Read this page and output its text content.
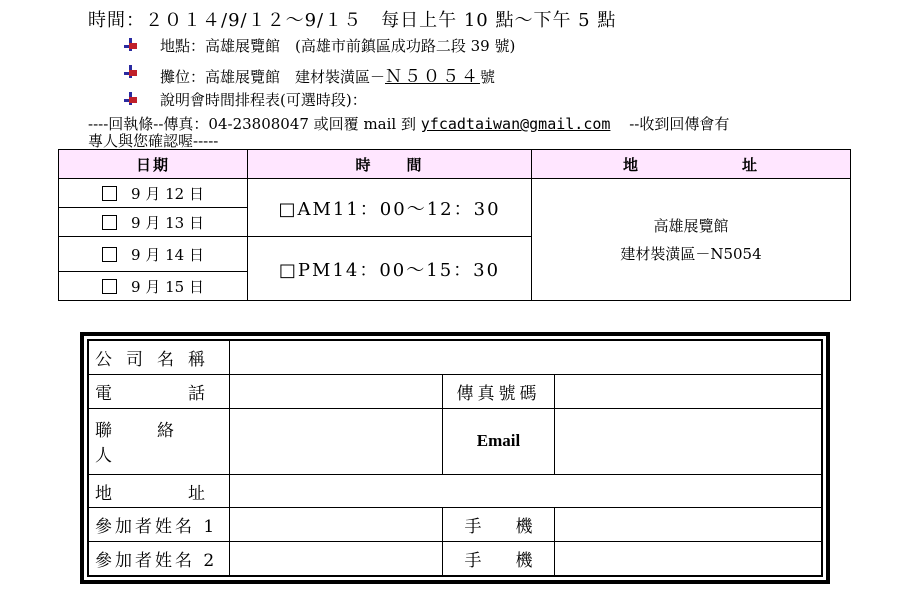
時間：２０１４/9/１２～9/１５　每日上午 10 點～下午 5 點
地點：高雄展覽館　(高雄市前鎮區成功路二段 39 號)
攤位：高雄展覽館　建材裝潢區－Ｎ５０５４號
說明會時間排程表(可選時段)：
----回執條--傳真：04-23808047 或回覆 mail 到 yfcadtaiwan@gmail.com --收到回傳會有
專人與您確認喔-----
日期	時　　間	地　　　　　　址
9 月 12 日	□AM11：00～12：30	高雄展覽館
建材裝潢區－N5054

9 月 13 日		
9 月 14 日	□PM14：00～15：30	
9 月 15 日		
公司名稱			
電　　話		傳真號碼	
聯　絡　人		Email	
地　　址			
參加者姓名 1		手　　機	
參加者姓名 2		手　　機	
